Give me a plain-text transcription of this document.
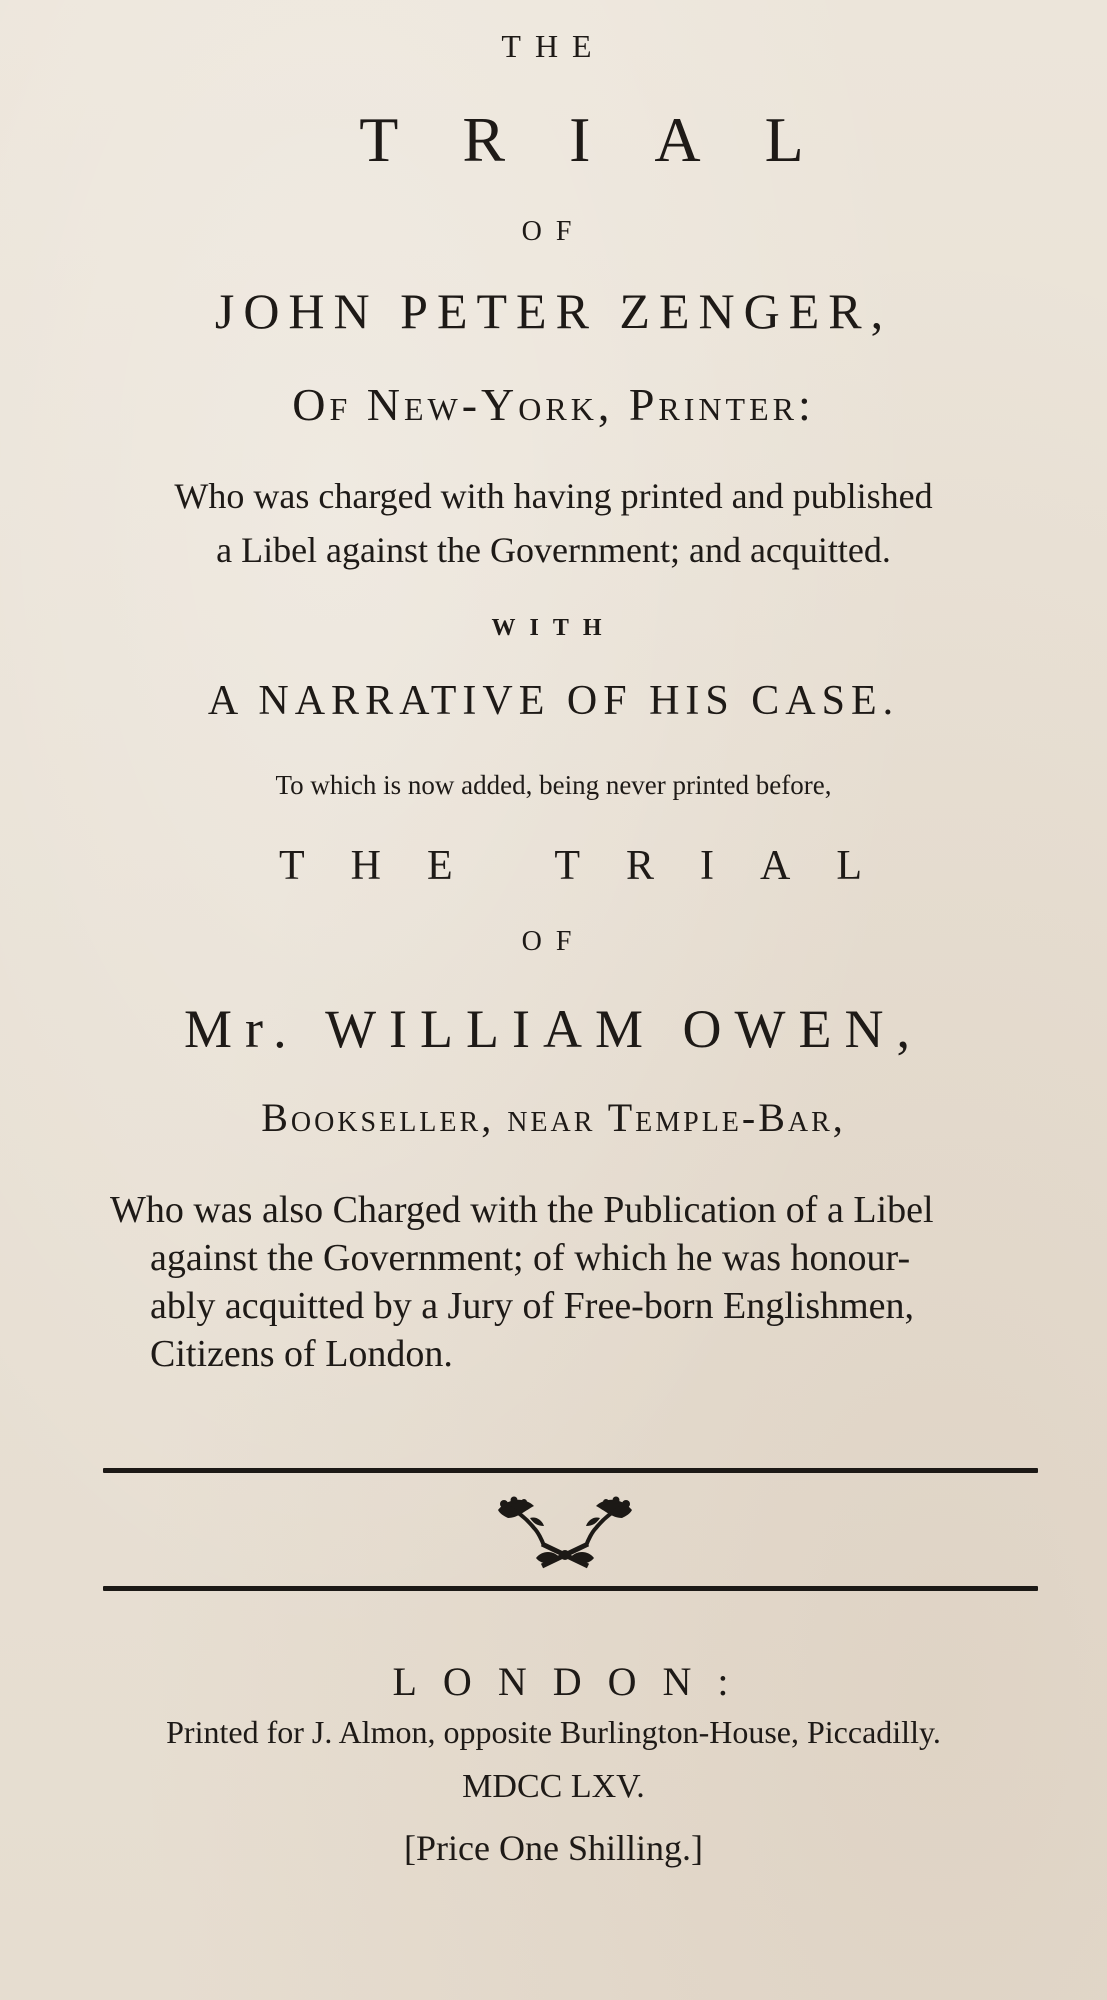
THE
TRIAL
OF
JOHN PETER ZENGER,
Of New-York, Printer:
Who was charged with having printed and published
a Libel against the Government; and acquitted.
WITH
A NARRATIVE OF HIS CASE.
To which is now added, being never printed before,
THE TRIAL
OF
Mr. WILLIAM OWEN,
Bookseller, near Temple-Bar,
Who was also Charged with the Publication of a Libel
against the Government; of which he was honour-
ably acquitted by a Jury of Free-born Englishmen,
Citizens of London.
LONDON:
Printed for J. Almon, opposite Burlington-House, Piccadilly.
MDCC LXV.
[Price One Shilling.]
